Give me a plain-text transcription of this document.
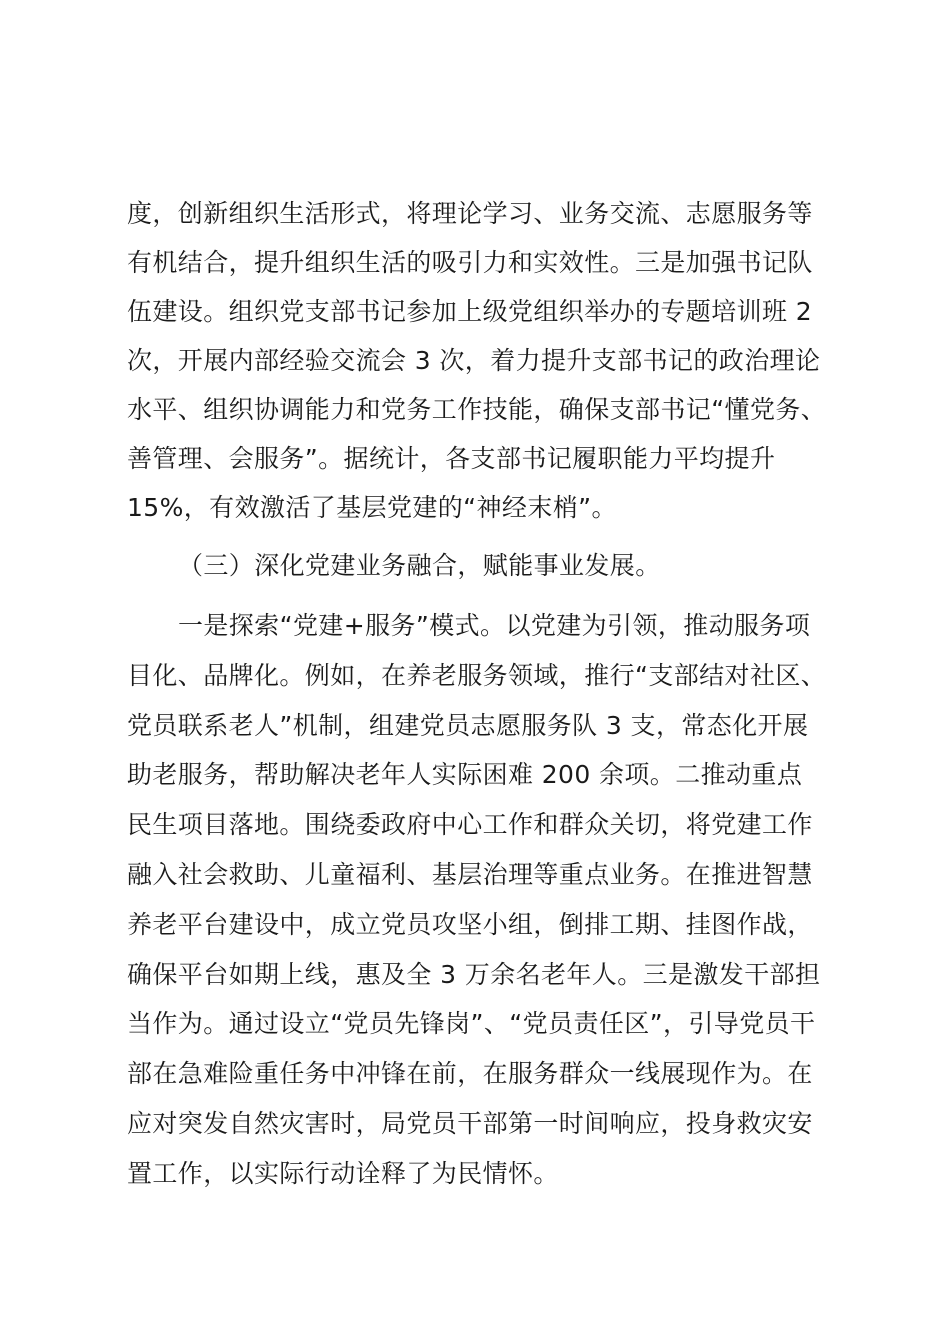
度，创新组织生活形式，将理论学习、业务交流、志愿服务等
有机结合，提升组织生活的吸引力和实效性。三是加强书记队
伍建设。组织党支部书记参加上级党组织举办的专题培训班 2
次，开展内部经验交流会 3 次，着力提升支部书记的政治理论
水平、组织协调能力和党务工作技能，确保支部书记“懂党务、
善管理、会服务”。据统计，各支部书记履职能力平均提升
15%，有效激活了基层党建的“神经末梢”。
（三）深化党建业务融合，赋能事业发展。
一是探索“党建+服务”模式。以党建为引领，推动服务项
目化、品牌化。例如，在养老服务领域，推行“支部结对社区、
党员联系老人”机制，组建党员志愿服务队 3 支，常态化开展
助老服务，帮助解决老年人实际困难 200 余项。二推动重点
民生项目落地。围绕委政府中心工作和群众关切，将党建工作
融入社会救助、儿童福利、基层治理等重点业务。在推进智慧
养老平台建设中，成立党员攻坚小组，倒排工期、挂图作战，
确保平台如期上线，惠及全 3 万余名老年人。三是激发干部担
当作为。通过设立“党员先锋岗”、“党员责任区”，引导党员干
部在急难险重任务中冲锋在前，在服务群众一线展现作为。在
应对突发自然灾害时，局党员干部第一时间响应，投身救灾安
置工作，以实际行动诠释了为民情怀。
